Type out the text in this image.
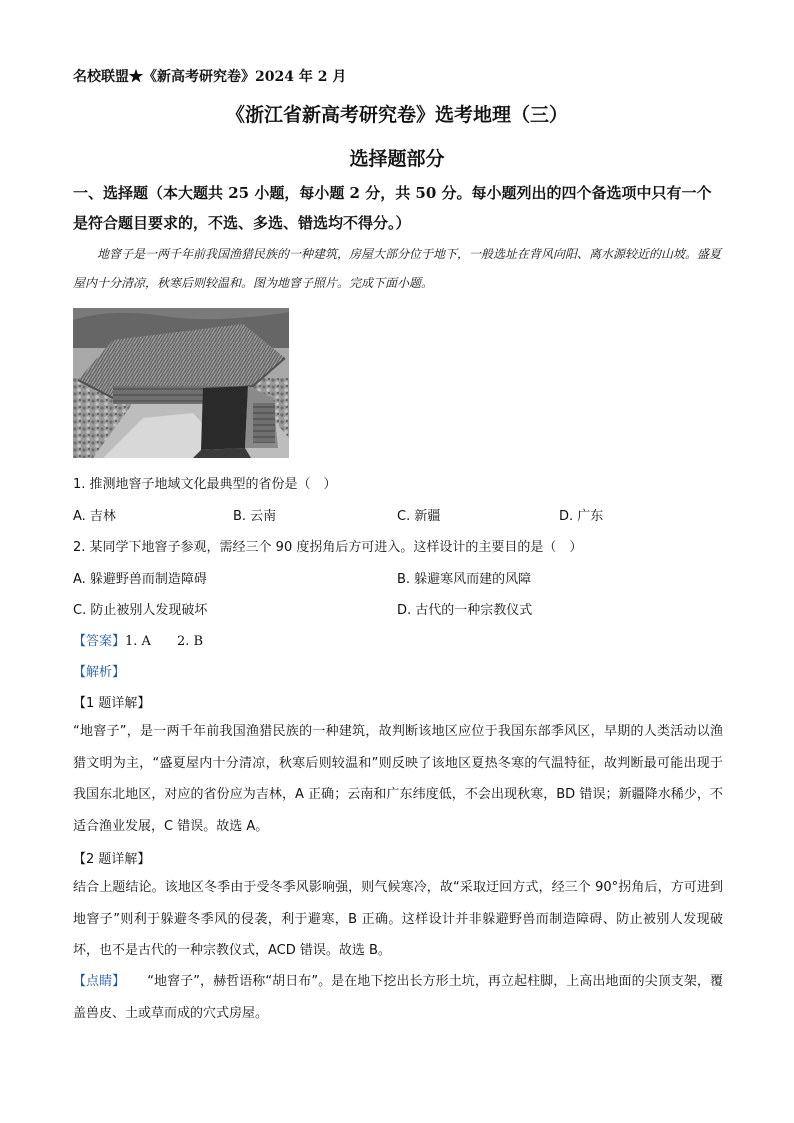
名校联盟★《新高考研究卷》2024 年 2 月
《浙江省新高考研究卷》选考地理（三）
选择题部分
一、选择题（本大题共 25 小题，每小题 2 分，共 50 分。每小题列出的四个备选项中只有一个是符合题目要求的，不选、多选、错选均不得分。）
地窨子是一两千年前我国渔猎民族的一种建筑，房屋大部分位于地下，一般选址在背风向阳、离水源较近的山坡。盛夏屋内十分清凉，秋寒后则较温和。图为地窨子照片。完成下面小题。
1. 推测地窨子地域文化最典型的省份是（　）
A. 吉林	B. 云南	C. 新疆	D. 广东
2. 某同学下地窨子参观，需经三个 90 度拐角后方可进入。这样设计的主要目的是（　）
A. 躲避野兽而制造障碍	B. 躲避寒风而建的风障
C. 防止被别人发现破坏	D. 古代的一种宗教仪式
【答案】1. A　　2. B
【解析】
【1 题详解】
“地窨子”，是一两千年前我国渔猎民族的一种建筑，故判断该地区应位于我国东部季风区，早期的人类活动以渔猎文明为主，“盛夏屋内十分清凉，秋寒后则较温和”则反映了该地区夏热冬寒的气温特征，故判断最可能出现于我国东北地区，对应的省份应为吉林，A 正确；云南和广东纬度低，不会出现秋寒，BD 错误；新疆降水稀少，不适合渔业发展，C 错误。故选 A。
【2 题详解】
结合上题结论。该地区冬季由于受冬季风影响强，则气候寒冷，故“采取迂回方式，经三个 90°拐角后，方可进到地窨子”则利于躲避冬季风的侵袭，利于避寒，B 正确。这样设计并非躲避野兽而制造障碍、防止被别人发现破坏，也不是古代的一种宗教仪式，ACD 错误。故选 B。
【点睛】 “地窨子”，赫哲语称“胡日布”。是在地下挖出长方形土坑，再立起柱脚，上高出地面的尖顶支架，覆盖兽皮、土或草而成的穴式房屋。
